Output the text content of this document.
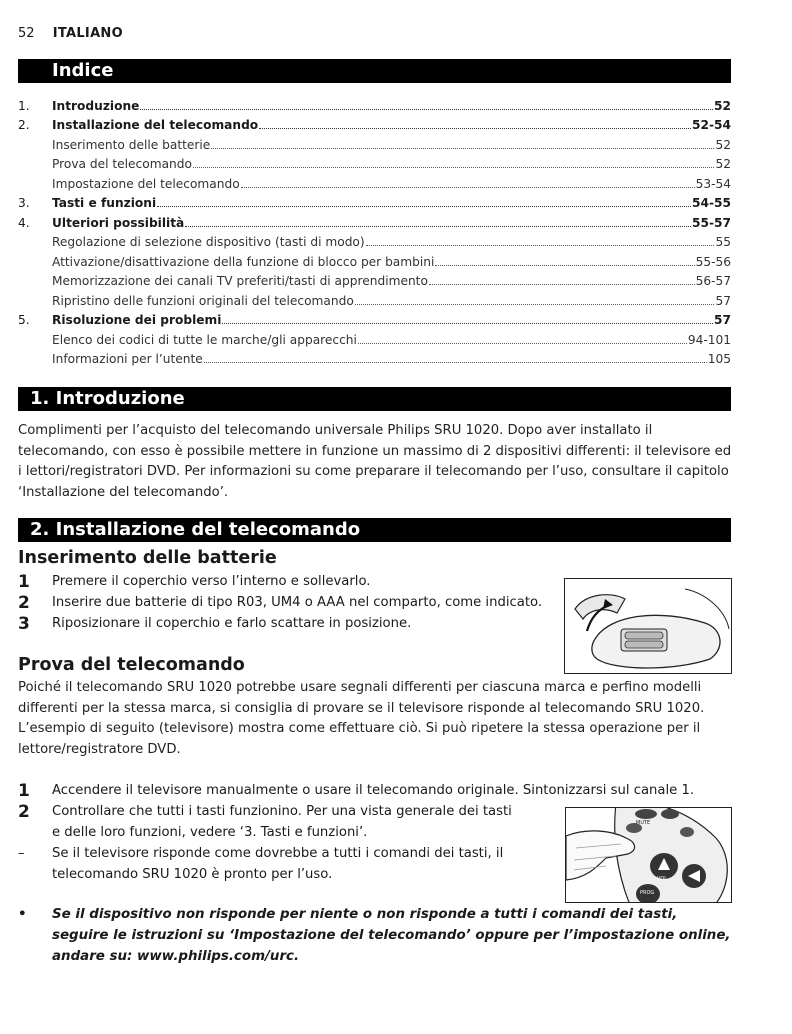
52 ITALIANO
Indice
1.	Introduzione	52
2.	Installazione del telecomando	52-54
Inserimento delle batterie	52
Prova del telecomando	52
Impostazione del telecomando	53-54
3.	Tasti e funzioni	54-55
4.	Ulteriori possibilità	55-57
Regolazione di selezione dispositivo (tasti di modo)	55
Attivazione/disattivazione della funzione di blocco per bambini	55-56
Memorizzazione dei canali TV preferiti/tasti di apprendimento	56-57
Ripristino delle funzioni originali del telecomando	57
5.	Risoluzione dei problemi	57
Elenco dei codici di tutte le marche/gli apparecchi	94-101
Informazioni per l’utente	105
1. Introduzione
Complimenti per l’acquisto del telecomando universale Philips SRU 1020. Dopo aver installato il telecomando, con esso è possibile mettere in funzione un massimo di 2 dispositivi differenti: il televisore ed i lettori/registratori DVD. Per informazioni su come preparare il telecomando per l’uso, consultare il capitolo ‘Installazione del telecomando’.
2. Installazione del telecomando
Inserimento delle batterie
1	Premere il coperchio verso l’interno e sollevarlo.
2	Inserire due batterie di tipo R03, UM4 o AAA nel comparto, come indicato.
3	Riposizionare il coperchio e farlo scattare in posizione.
Prova del telecomando
Poiché il telecomando SRU 1020 potrebbe usare segnali differenti per ciascuna marca e perfino modelli differenti per la stessa marca, si consiglia di provare se il televisore risponde al telecomando SRU 1020. L’esempio di seguito (televisore) mostra come effettuare ciò. Si può ripetere la stessa operazione per il lettore/registratore DVD.
1	Accendere il televisore manualmente o usare il telecomando originale. Sintonizzarsi sul canale 1.
2	Controllare che tutti i tasti funzionino. Per una vista generale dei tasti e delle loro funzioni, vedere ‘3. Tasti e funzioni’.
–	Se il televisore risponde come dovrebbe a tutti i comandi dei tasti, il telecomando SRU 1020 è pronto per l’uso.
MUTE
VOL
PROG
•	Se il dispositivo non risponde per niente o non risponde a tutti i comandi dei tasti, seguire le istruzioni su ‘Impostazione del telecomando’ oppure per l’impostazione online, andare su: www.philips.com/urc.
